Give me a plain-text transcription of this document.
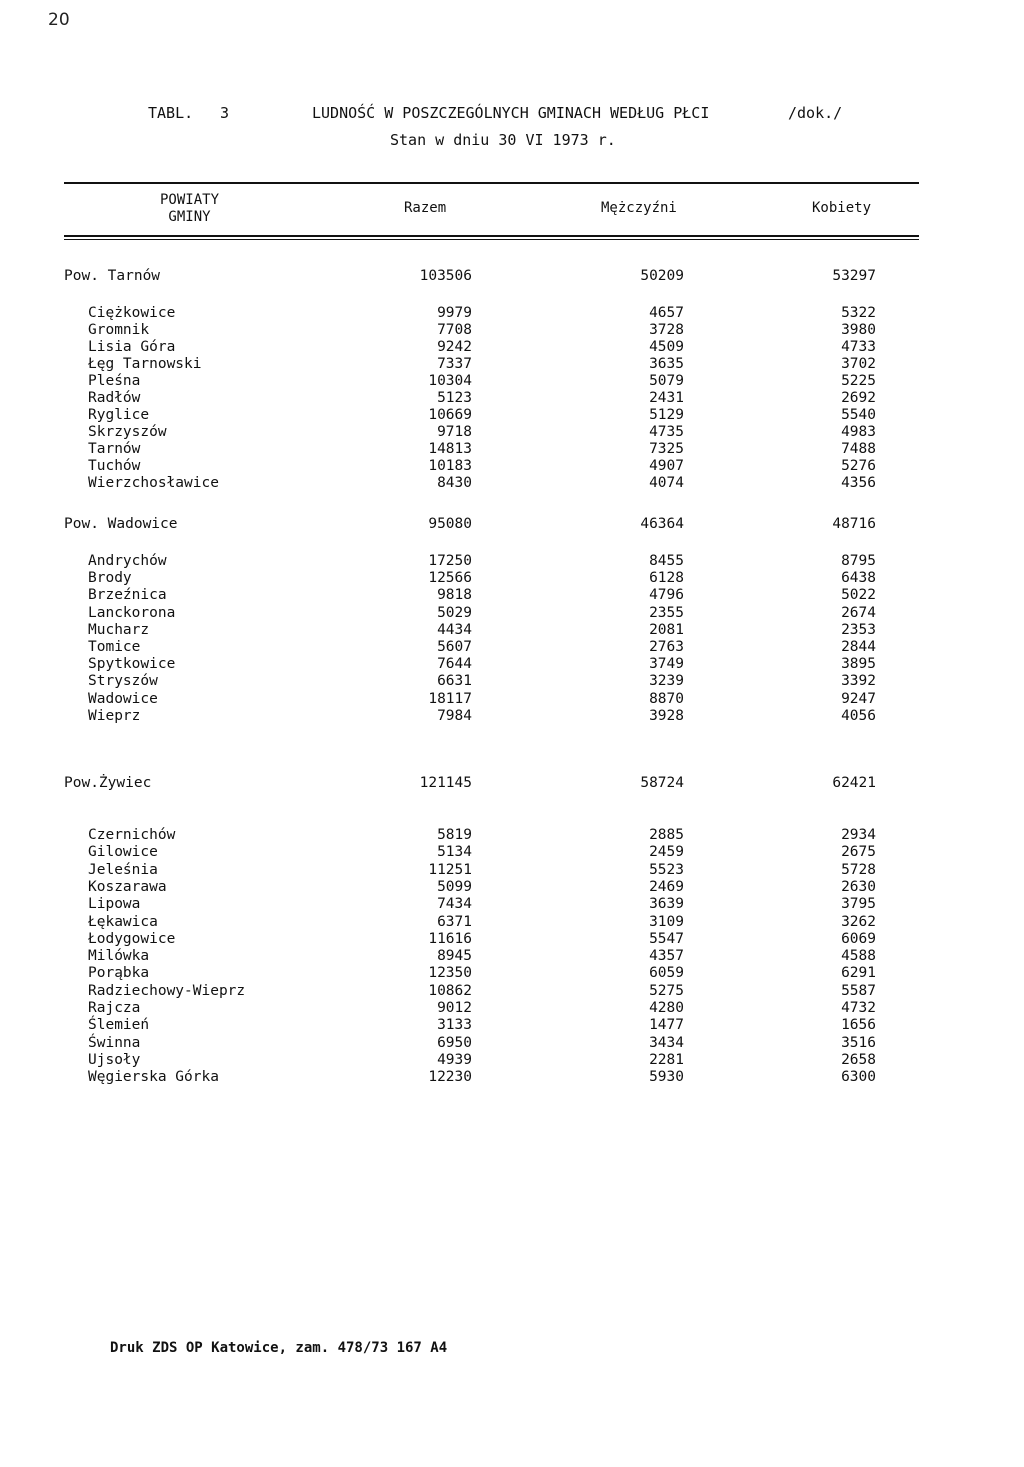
20
TABL. 3	LUDNOŚĆ W POSZCZEGÓLNYCH GMINACH WEDŁUG PŁCI	/dok./
Stan w dniu 30 VI 1973 r.
POWIATY
GMINY
Razem	Mężczyźni	Kobiety
Pow. Tarnów	103506	50209	53297
Ciężkowice	9979	4657	5322
Gromnik	7708	3728	3980
Lisia Góra	9242	4509	4733
Łęg Tarnowski	7337	3635	3702
Pleśna	10304	5079	5225
Radłów	5123	2431	2692
Ryglice	10669	5129	5540
Skrzyszów	9718	4735	4983
Tarnów	14813	7325	7488
Tuchów	10183	4907	5276
Wierzchosławice	8430	4074	4356
Pow. Wadowice	95080	46364	48716
Andrychów	17250	8455	8795
Brody	12566	6128	6438
Brzeźnica	9818	4796	5022
Lanckorona	5029	2355	2674
Mucharz	4434	2081	2353
Tomice	5607	2763	2844
Spytkowice	7644	3749	3895
Stryszów	6631	3239	3392
Wadowice	18117	8870	9247
Wieprz	7984	3928	4056
Pow.Żywiec	121145	58724	62421
Czernichów	5819	2885	2934
Gilowice	5134	2459	2675
Jeleśnia	11251	5523	5728
Koszarawa	5099	2469	2630
Lipowa	7434	3639	3795
Łękawica	6371	3109	3262
Łodygowice	11616	5547	6069
Milówka	8945	4357	4588
Porąbka	12350	6059	6291
Radziechowy-Wieprz	10862	5275	5587
Rajcza	9012	4280	4732
Ślemień	3133	1477	1656
Świnna	6950	3434	3516
Ujsoły	4939	2281	2658
Węgierska Górka	12230	5930	6300
Druk ZDS OP Katowice, zam. 478/73 167 A4
